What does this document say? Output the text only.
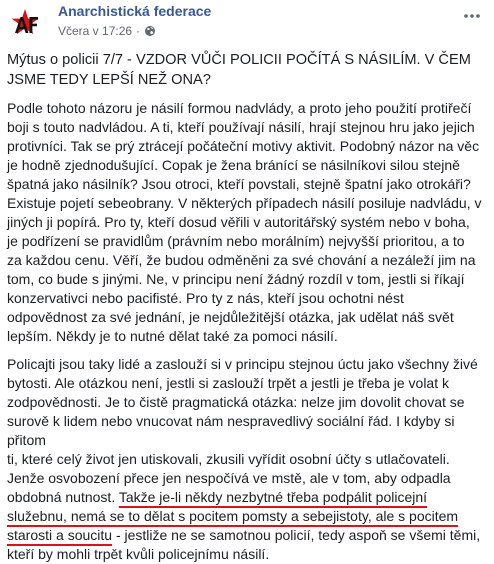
Anarchistická federace
Včera v 17:26 ·
Mýtus o policii 7/7 - VZDOR VŮČI POLICII POČÍTÁ S NÁSILÍM. V ČEM
JSME TEDY LEPŠÍ NEŽ ONA?
Podle tohoto názoru je násilí formou nadvlády, a proto jeho použití protiřečí
boji s touto nadvládou. A ti, kteří používají násilí, hrají stejnou hru jako jejich
protivníci. Tak se prý ztrácejí počáteční motivy aktivit. Podobný názor na věc
je hodně zjednodušující. Copak je žena bránící se násilníkovi silou stejně
špatná jako násilník? Jsou otroci, kteří povstali, stejně špatní jako otrokáři?
Existuje pojetí sebeobrany. V některých případech násilí posiluje nadvládu, v
jiných ji popírá. Pro ty, kteří dosud věřili v autoritářský systém nebo v boha,
je podřízení se pravidlům (právním nebo morálním) nejvyšší prioritou, a to
za každou cenu. Věří, že budou odměněni za své chování a nezáleží jim na
tom, co bude s jinými. Ne, v principu není žádný rozdíl v tom, jestli si říkají
konzervativci nebo pacifisté. Pro ty z nás, kteří jsou ochotni nést
odpovědnost za své jednání, je nejdůležitější otázka, jak udělat náš svět
lepším. Někdy je to nutné dělat také za pomoci násilí.
Policajti jsou taky lidé a zaslouží si v principu stejnou úctu jako všechny živé
bytosti. Ale otázkou není, jestli si zaslouží trpět a jestli je třeba je volat k
zodpovědnosti. Je to čistě pragmatická otázka: nelze jim dovolit chovat se
surově k lidem nebo vnucovat nám nespravedlivý sociální řád. I kdyby si
přitom
ti, které celý život jen utiskovali, zkusili vyřídit osobní účty s utlačovateli.
Jenže osvobození přece jen nespočívá ve mstě, ale v tom, aby odpadla
obdobná nutnost. Takže je-li někdy nezbytné třeba podpálit policejní
služebnu, nemá se to dělat s pocitem pomsty a sebejistoty, ale s pocitem
starosti a soucitu - jestliže ne se samotnou policií, tedy aspoň se všemi těmi,
kteří by mohli trpět kvůli policejnímu násilí.
